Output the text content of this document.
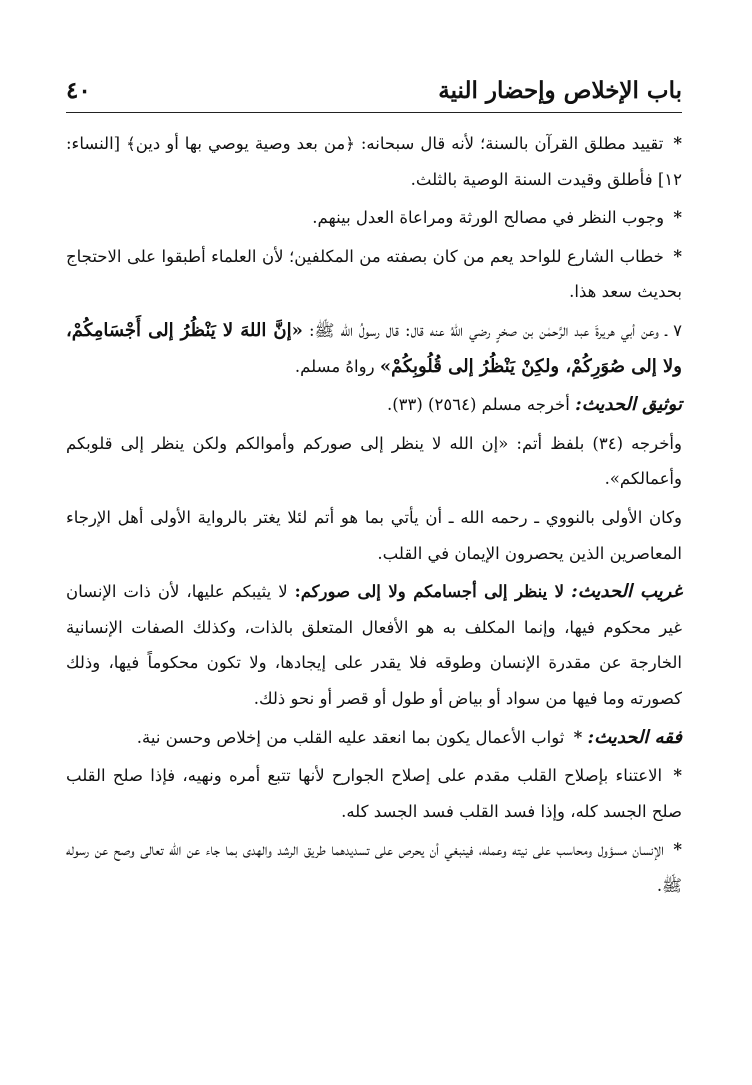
باب الإخلاص وإحضار النية
٤٠

* تقييد مطلق القرآن بالسنة؛ لأنه قال سبحانه: ﴿من بعد وصية يوصي بها أو دين﴾ [النساء: ١٢] فأطلق وقيدت السنة الوصية بالثلث.

* وجوب النظر في مصالح الورثة ومراعاة العدل بينهم.

* خطاب الشارع للواحد يعم من كان بصفته من المكلفين؛ لأن العلماء أطبقوا على الاحتجاج بحديث سعد هذا.

٧ ـ وعن أبي هريرةَ عبد الرَّحمٰن بن صخرٍ رضي اللهُ عنه قال: قال رسولُ الله ﷺ: «إنَّ اللهَ لا يَنْظُرُ إلى أَجْسَامِكُمْ، ولا إلى صُوَرِكُمْ، ولكِنْ يَنْظُرُ إلى قُلُوبِكُمْ» رواهُ مسلم.

توثيق الحديث: أخرجه مسلم (٢٥٦٤) (٣٣).

وأخرجه (٣٤) بلفظ أتم: «إن الله لا ينظر إلى صوركم وأموالكم ولكن ينظر إلى قلوبكم وأعمالكم».

وكان الأولى بالنووي ـ رحمه الله ـ أن يأتي بما هو أتم لئلا يغتر بالرواية الأولى أهل الإرجاء المعاصرين الذين يحصرون الإيمان في القلب.

غريب الحديث: لا ينظر إلى أجسامكم ولا إلى صوركم: لا يثيبكم عليها، لأن ذات الإنسان غير محكوم فيها، وإنما المكلف به هو الأفعال المتعلق بالذات، وكذلك الصفات الإنسانية الخارجة عن مقدرة الإنسان وطوقه فلا يقدر على إيجادها، ولا تكون محكوماً فيها، وذلك كصورته وما فيها من سواد أو بياض أو طول أو قصر أو نحو ذلك.

فقه الحديث: * ثواب الأعمال يكون بما انعقد عليه القلب من إخلاص وحسن نية.

* الاعتناء بإصلاح القلب مقدم على إصلاح الجوارح لأنها تتبع أمره ونهيه، فإذا صلح القلب صلح الجسد كله، وإذا فسد القلب فسد الجسد كله.

* الإنسان مسؤول ومحاسب على نيته وعمله، فينبغي أن يحرص على تسديدهما طريق الرشد والهدى بما جاء عن الله تعالى وصح عن رسوله ﷺ.
